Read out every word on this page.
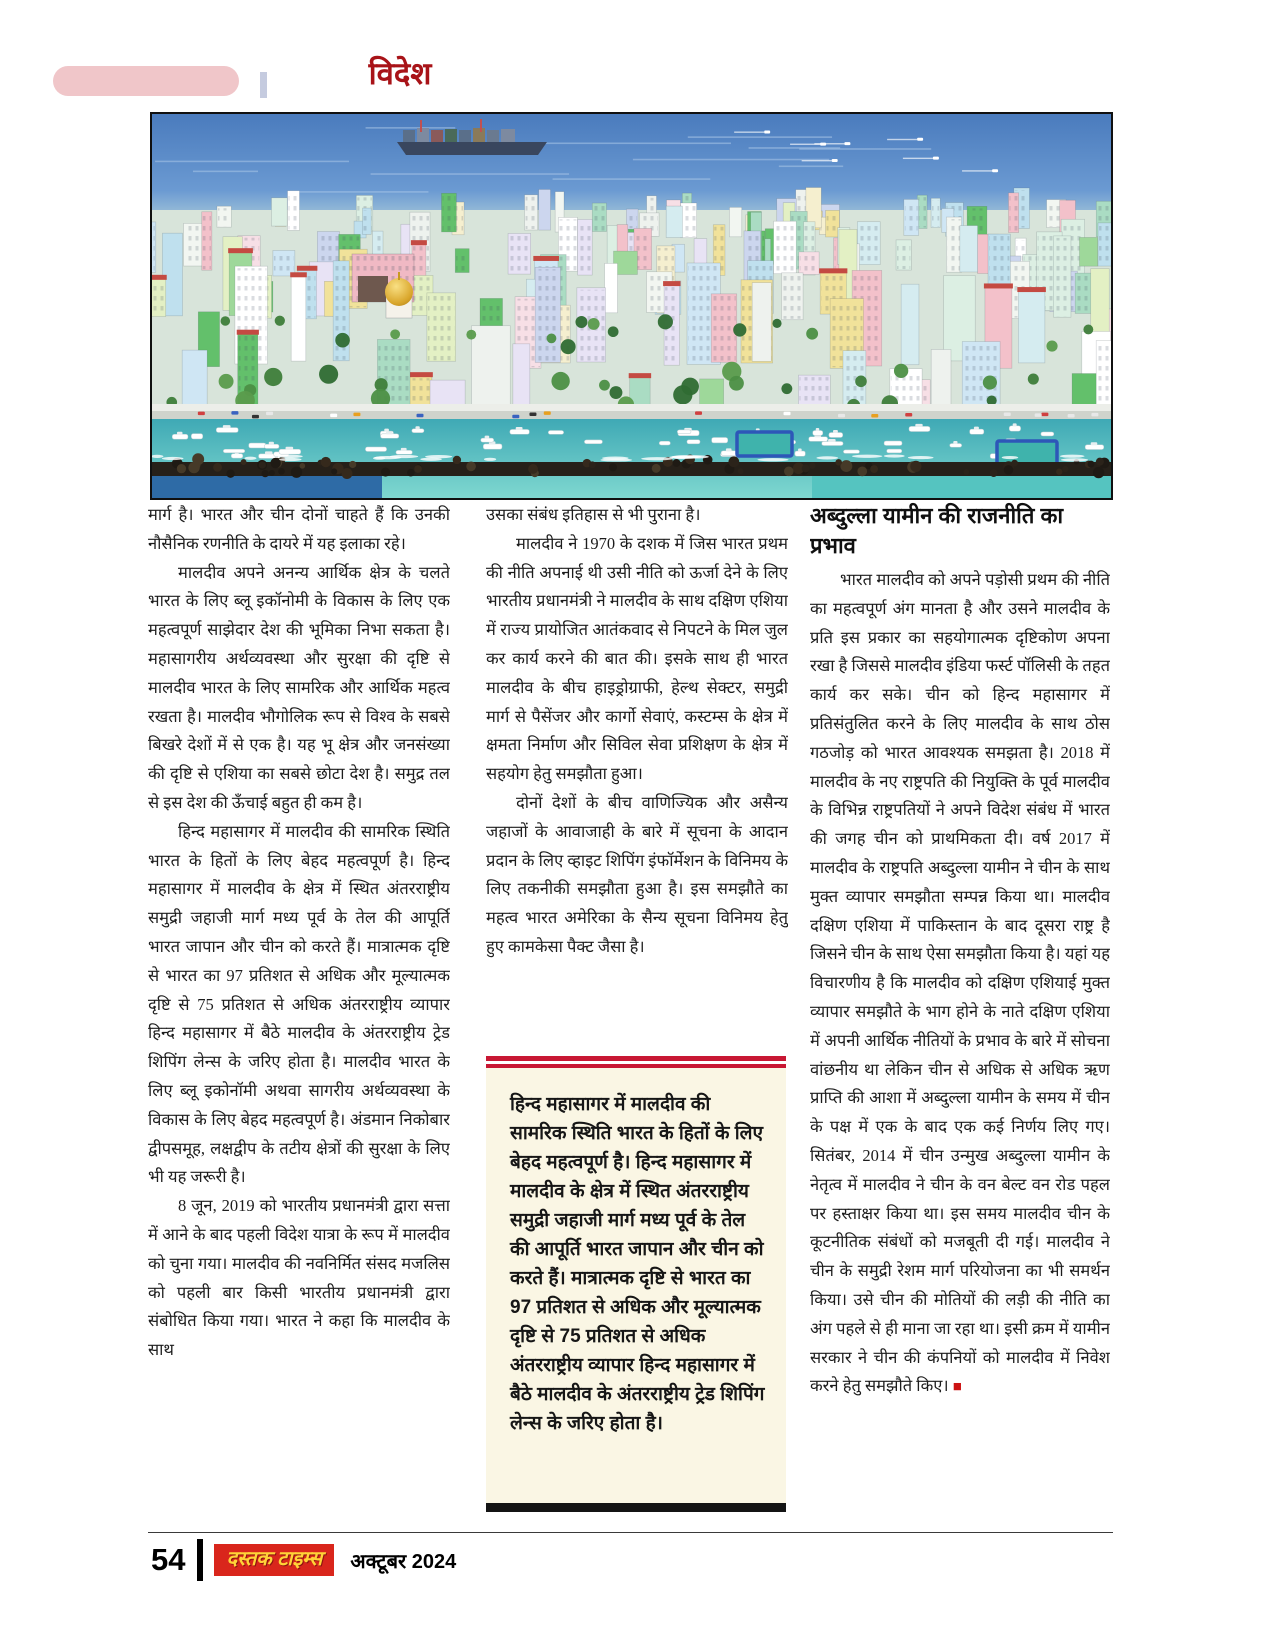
विदेश

मार्ग है। भारत और चीन दोनों चाहते हैं कि उनकी नौसैनिक रणनीति के दायरे में यह इलाका रहे।

मालदीव अपने अनन्य आर्थिक क्षेत्र के चलते भारत के लिए ब्लू इकॉनोमी के विकास के लिए एक महत्वपूर्ण साझेदार देश की भूमिका निभा सकता है। महासागरीय अर्थव्यवस्था और सुरक्षा की दृष्टि से मालदीव भारत के लिए सामरिक और आर्थिक महत्व रखता है। मालदीव भौगोलिक रूप से विश्व के सबसे बिखरे देशों में से एक है। यह भू क्षेत्र और जनसंख्या की दृष्टि से एशिया का सबसे छोटा देश है। समुद्र तल से इस देश की ऊँचाई बहुत ही कम है।

हिन्द महासागर में मालदीव की सामरिक स्थिति भारत के हितों के लिए बेहद महत्वपूर्ण है। हिन्द महासागर में मालदीव के क्षेत्र में स्थित अंतरराष्ट्रीय समुद्री जहाजी मार्ग मध्य पूर्व के तेल की आपूर्ति भारत जापान और चीन को करते हैं। मात्रात्मक दृष्टि से भारत का 97 प्रतिशत से अधिक और मूल्यात्मक दृष्टि से 75 प्रतिशत से अधिक अंतरराष्ट्रीय व्यापार हिन्द महासागर में बैठे मालदीव के अंतरराष्ट्रीय ट्रेड शिपिंग लेन्स के जरिए होता है। मालदीव भारत के लिए ब्लू इकोनॉमी अथवा सागरीय अर्थव्यवस्था के विकास के लिए बेहद महत्वपूर्ण है। अंडमान निकोबार द्वीपसमूह, लक्षद्वीप के तटीय क्षेत्रों की सुरक्षा के लिए भी यह जरूरी है।

8 जून, 2019 को भारतीय प्रधानमंत्री द्वारा सत्ता में आने के बाद पहली विदेश यात्रा के रूप में मालदीव को चुना गया। मालदीव की नवनिर्मित संसद मजलिस को पहली बार किसी भारतीय प्रधानमंत्री द्वारा संबोधित किया गया। भारत ने कहा कि मालदीव के साथ

उसका संबंध इतिहास से भी पुराना है।

मालदीव ने 1970 के दशक में जिस भारत प्रथम की नीति अपनाई थी उसी नीति को ऊर्जा देने के लिए भारतीय प्रधानमंत्री ने मालदीव के साथ दक्षिण एशिया में राज्य प्रायोजित आतंकवाद से निपटने के मिल जुल कर कार्य करने की बात की। इसके साथ ही भारत मालदीव के बीच हाइड्रोग्राफी, हेल्थ सेक्टर, समुद्री मार्ग से पैसेंजर और कार्गो सेवाएं, कस्टम्स के क्षेत्र में क्षमता निर्माण और सिविल सेवा प्रशिक्षण के क्षेत्र में सहयोग हेतु समझौता हुआ।

दोनों देशों के बीच वाणिज्यिक और असैन्य जहाजों के आवाजाही के बारे में सूचना के आदान प्रदान के लिए व्हाइट शिपिंग इंफॉर्मेशन के विनिमय के लिए तकनीकी समझौता हुआ है। इस समझौते का महत्व भारत अमेरिका के सैन्य सूचना विनिमय हेतु हुए कामकेसा पैक्ट जैसा है।

हिन्द महासागर में मालदीव की सामरिक स्थिति भारत के हितों के लिए बेहद महत्वपूर्ण है। हिन्द महासागर में मालदीव के क्षेत्र में स्थित अंतरराष्ट्रीय समुद्री जहाजी मार्ग मध्य पूर्व के तेल की आपूर्ति भारत जापान और चीन को करते हैं। मात्रात्मक दृष्टि से भारत का 97 प्रतिशत से अधिक और मूल्यात्मक दृष्टि से 75 प्रतिशत से अधिक अंतरराष्ट्रीय व्यापार हिन्द महासागर में बैठे मालदीव के अंतरराष्ट्रीय ट्रेड शिपिंग लेन्स के जरिए होता है।
अब्दुल्ला यामीन की राजनीति का प्रभाव

भारत मालदीव को अपने पड़ोसी प्रथम की नीति का महत्वपूर्ण अंग मानता है और उसने मालदीव के प्रति इस प्रकार का सहयोगात्मक दृष्टिकोण अपना रखा है जिससे मालदीव इंडिया फर्स्ट पॉलिसी के तहत कार्य कर सके। चीन को हिन्द महासागर में प्रतिसंतुलित करने के लिए मालदीव के साथ ठोस गठजोड़ को भारत आवश्यक समझता है। 2018 में मालदीव के नए राष्ट्रपति की नियुक्ति के पूर्व मालदीव के विभिन्न राष्ट्रपतियों ने अपने विदेश संबंध में भारत की जगह चीन को प्राथमिकता दी। वर्ष 2017 में मालदीव के राष्ट्रपति अब्दुल्ला यामीन ने चीन के साथ मुक्त व्यापार समझौता सम्पन्न किया था। मालदीव दक्षिण एशिया में पाकिस्तान के बाद दूसरा राष्ट्र है जिसने चीन के साथ ऐसा समझौता किया है। यहां यह विचारणीय है कि मालदीव को दक्षिण एशियाई मुक्त व्यापार समझौते के भाग होने के नाते दक्षिण एशिया में अपनी आर्थिक नीतियों के प्रभाव के बारे में सोचना वांछनीय था लेकिन चीन से अधिक से अधिक ऋण प्राप्ति की आशा में अब्दुल्ला यामीन के समय में चीन के पक्ष में एक के बाद एक कई निर्णय लिए गए। सितंबर, 2014 में चीन उन्मुख अब्दुल्ला यामीन के नेतृत्व में मालदीव ने चीन के वन बेल्ट वन रोड पहल पर हस्ताक्षर किया था। इस समय मालदीव चीन के कूटनीतिक संबंधों को मजबूती दी गई। मालदीव ने चीन के समुद्री रेशम मार्ग परियोजना का भी समर्थन किया। उसे चीन की मोतियों की लड़ी की नीति का अंग पहले से ही माना जा रहा था। इसी क्रम में यामीन सरकार ने चीन की कंपनियों को मालदीव में निवेश करने हेतु समझौते किए। ■

54	दस्तक टाइम्स	अक्टूबर 2024
